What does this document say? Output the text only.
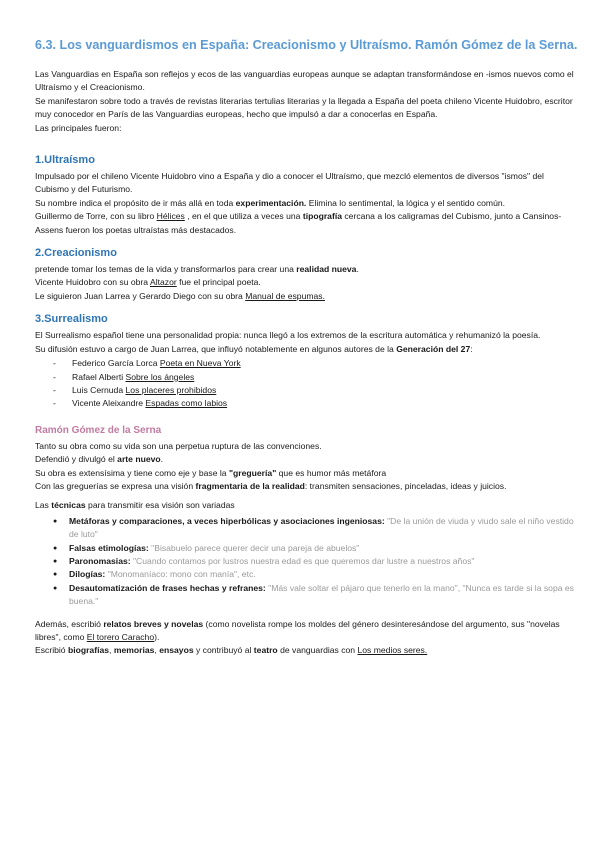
6.3. Los vanguardismos en España: Creacionismo y Ultraísmo. Ramón Gómez de la Serna.

Las Vanguardias en España son reflejos y ecos de las vanguardias europeas aunque se adaptan transformándose en -ismos nuevos como el Ultraísmo y el Creacionismo.

Se manifestaron sobre todo a través de revistas literarias tertulias literarias y la llegada a España del poeta chileno Vicente Huidobro, escritor muy conocedor en París de las Vanguardias europeas, hecho que impulsó a dar a conocerlas en España.

Las principales fueron:

1.Ultraísmo

Impulsado por el chileno Vicente Huidobro vino a España y dio a conocer el Ultraísmo, que mezcló elementos de diversos "ismos" del Cubismo y del Futurismo.

Su nombre indica el propósito de ir más allá en toda experimentación. Elimina lo sentimental, la lógica y el sentido común.

Guillermo de Torre, con su libro Hélices , en el que utiliza a veces una tipografía cercana a los caligramas del Cubismo, junto a Cansinos-Assens fueron los poetas ultraístas más destacados.

2.Creacionismo

pretende tomar los temas de la vida y transformarlos para crear una realidad nueva.

Vicente Huidobro con su obra Altazor fue el principal poeta.

Le siguieron Juan Larrea y Gerardo Diego con su obra Manual de espumas.

3.Surrealismo

El Surrealismo español tiene una personalidad propia: nunca llegó a los extremos de la escritura automática y rehumanizó la poesía.

Su difusión estuvo a cargo de Juan Larrea, que influyó notablemente en algunos autores de la Generación del 27:

- Federico García Lorca Poeta en Nueva York
- Rafael Alberti Sobre los ángeles
- Luis Cernuda Los placeres prohibidos
- Vicente Aleixandre Espadas como labios
Ramón Gómez de la Serna

Tanto su obra como su vida son una perpetua ruptura de las convenciones.

Defendió y divulgó el arte nuevo.

Su obra es extensísima y tiene como eje y base la "greguería" que es humor más metáfora

Con las greguerías se expresa una visión fragmentaria de la realidad: transmiten sensaciones, pinceladas, ideas y juicios.

Las técnicas para transmitir esa visión son variadas

● Metáforas y comparaciones, a veces hiperbólicas y asociaciones ingeniosas: "De la unión de viuda y viudo sale el niño vestido de luto"
● Falsas etimologías: "Bisabuelo parece querer decir una pareja de abuelos"
● Paronomasias: "Cuando contamos por lustros nuestra edad es que queremos dar lustre a nuestros años"
● Dilogías: "Monomaníaco: mono con manía", etc.
● Desautomatización de frases hechas y refranes: "Más vale soltar el pájaro que tenerlo en la mano", "Nunca es tarde si la sopa es buena."

Además, escribió relatos breves y novelas (como novelista rompe los moldes del género desinteresándose del argumento, sus "novelas libres", como El torero Caracho).

Escribió biografías, memorias, ensayos y contribuyó al teatro de vanguardias con Los medios seres.
